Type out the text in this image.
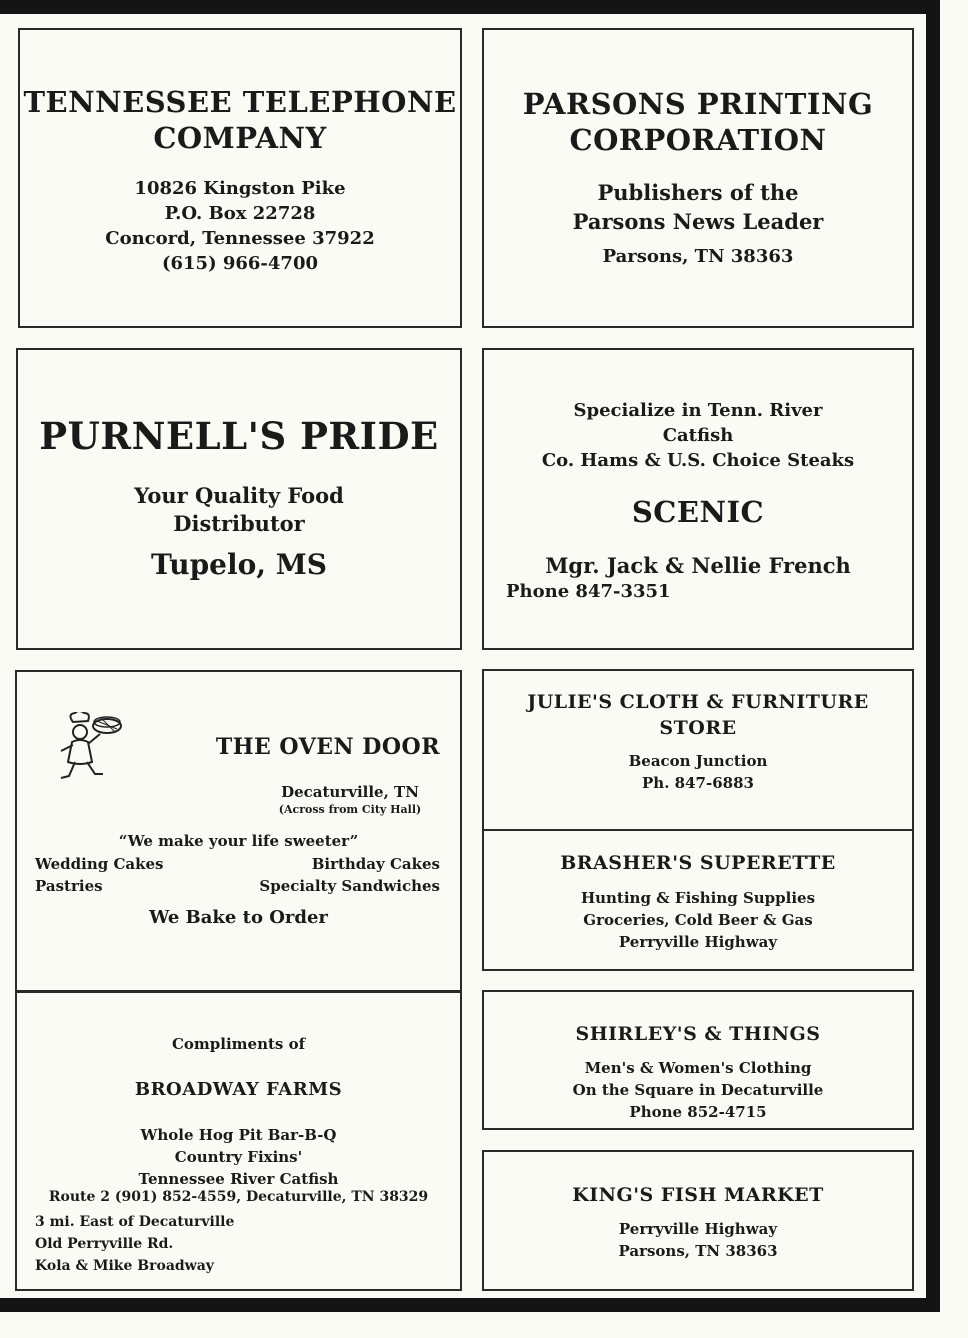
TENNESSEE TELEPHONE
COMPANY
10826 Kingston Pike
P.O. Box 22728
Concord, Tennessee 37922
(615) 966-4700
PARSONS PRINTING
CORPORATION
Publishers of the
Parsons News Leader
Parsons, TN 38363
PURNELL'S PRIDE
Your Quality Food
Distributor
Tupelo, MS
Specialize in Tenn. River
Catfish
Co. Hams & U.S. Choice Steaks
SCENIC
Mgr. Jack & Nellie French
Phone 847-3351
THE OVEN DOOR
Decaturville, TN
(Across from City Hall)
“We make your life sweeter”
Wedding Cakes
Pastries
Birthday Cakes
Specialty Sandwiches
We Bake to Order
Compliments of
BROADWAY FARMS
Whole Hog Pit Bar-B-Q
Country Fixins'
Tennessee River Catfish
Route 2 (901) 852-4559, Decaturville, TN 38329
3 mi. East of Decaturville
Old Perryville Rd.
Kola & Mike Broadway
JULIE'S CLOTH & FURNITURE
STORE
Beacon Junction
Ph. 847-6883
BRASHER'S SUPERETTE
Hunting & Fishing Supplies
Groceries, Cold Beer & Gas
Perryville Highway
SHIRLEY'S & THINGS
Men's & Women's Clothing
On the Square in Decaturville
Phone 852-4715
KING'S FISH MARKET
Perryville Highway
Parsons, TN 38363
